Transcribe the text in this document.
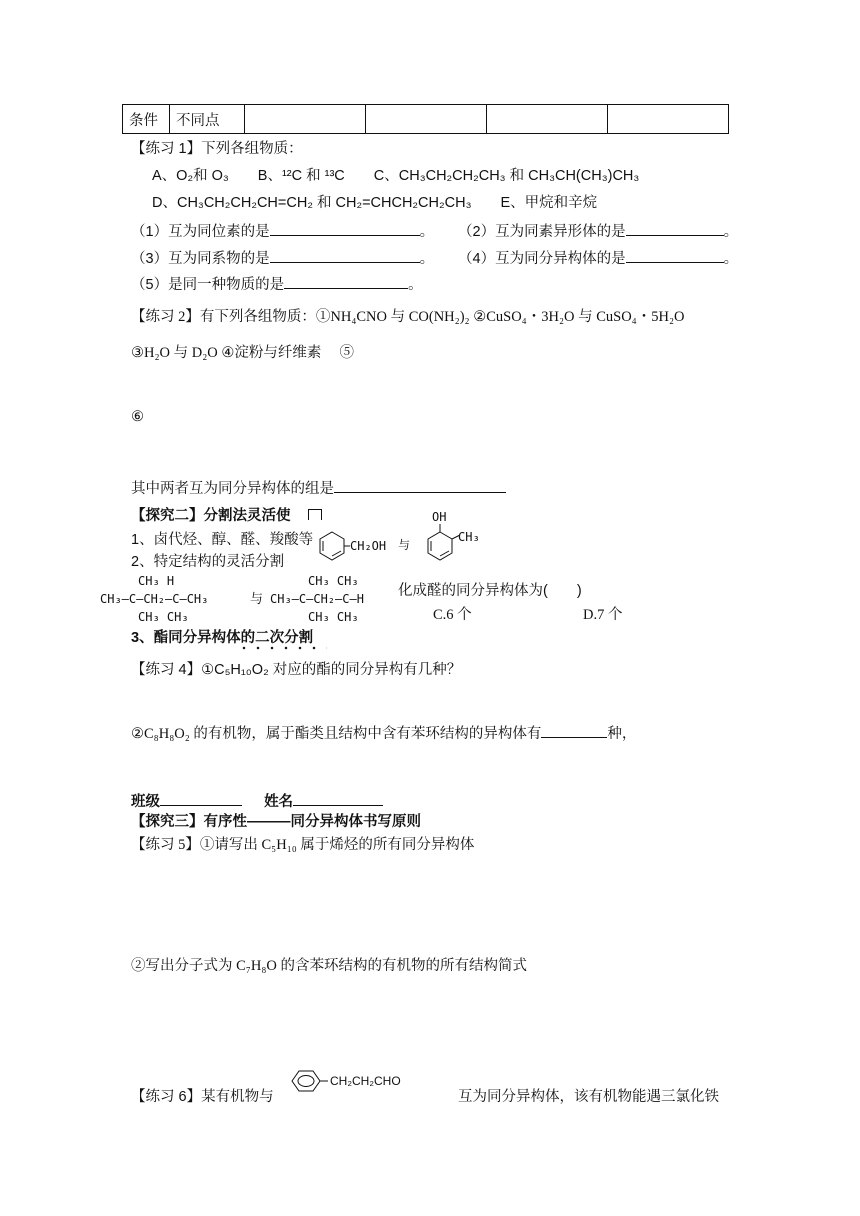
条件	不同点				
【练习 1】下列各组物质：
A、O₂和 O₃　　B、¹²C 和 ¹³C　　C、CH₃CH₂CH₂CH₃ 和 CH₃CH(CH₃)CH₃
D、CH₃CH₂CH₂CH=CH₂ 和 CH₂=CHCH₂CH₂CH₃　　E、甲烷和辛烷
（1）互为同位素的是	。 （2）互为同素异形体的是	。
（3）互为同系物的是	。 （4）互为同分异构体的是	。
（5）是同一种物质的是	。
【练习 2】有下列各组物质：①NH₄CNO 与 CO(NH₂)₂ ②CuSO₄・3H₂O 与 CuSO₄・5H₂O
③H₂O 与 D₂O ④淀粉与纤维素　 ⑤
⑥
其中两者互为同分异构体的组是
【探究二】分割法灵活使
1、卤代烃、醇、醛、羧酸等
2、特定结构的灵活分割
CH₂OH 与
OH
CH₃
CH₃ H
CH₃—C—CH₂—C—CH₃
CH₃ CH₃
与
CH₃ CH₃
CH₃—C—CH₂—C—H
CH₃ CH₃
化成醛的同分异构体为(　　)
C.6 个	D.7 个
3、酯同分异构体的二次分割
【练习 4】①C₅H₁₀O₂ 对应的酯的同分异构有几种？
②C₈H₈O₂ 的有机物，属于酯类且结构中含有苯环结构的异构体有	种，
班级	姓名
【探究三】有序性———同分异构体书写原则
【练习 5】①请写出 C₅H₁₀ 属于烯烃的所有同分异构体
②写出分子式为 C₇H₈O 的含苯环结构的有机物的所有结构简式
【练习 6】某有机物与
CH₂CH₂CHO
互为同分异构体，该有机物能遇三氯化铁
